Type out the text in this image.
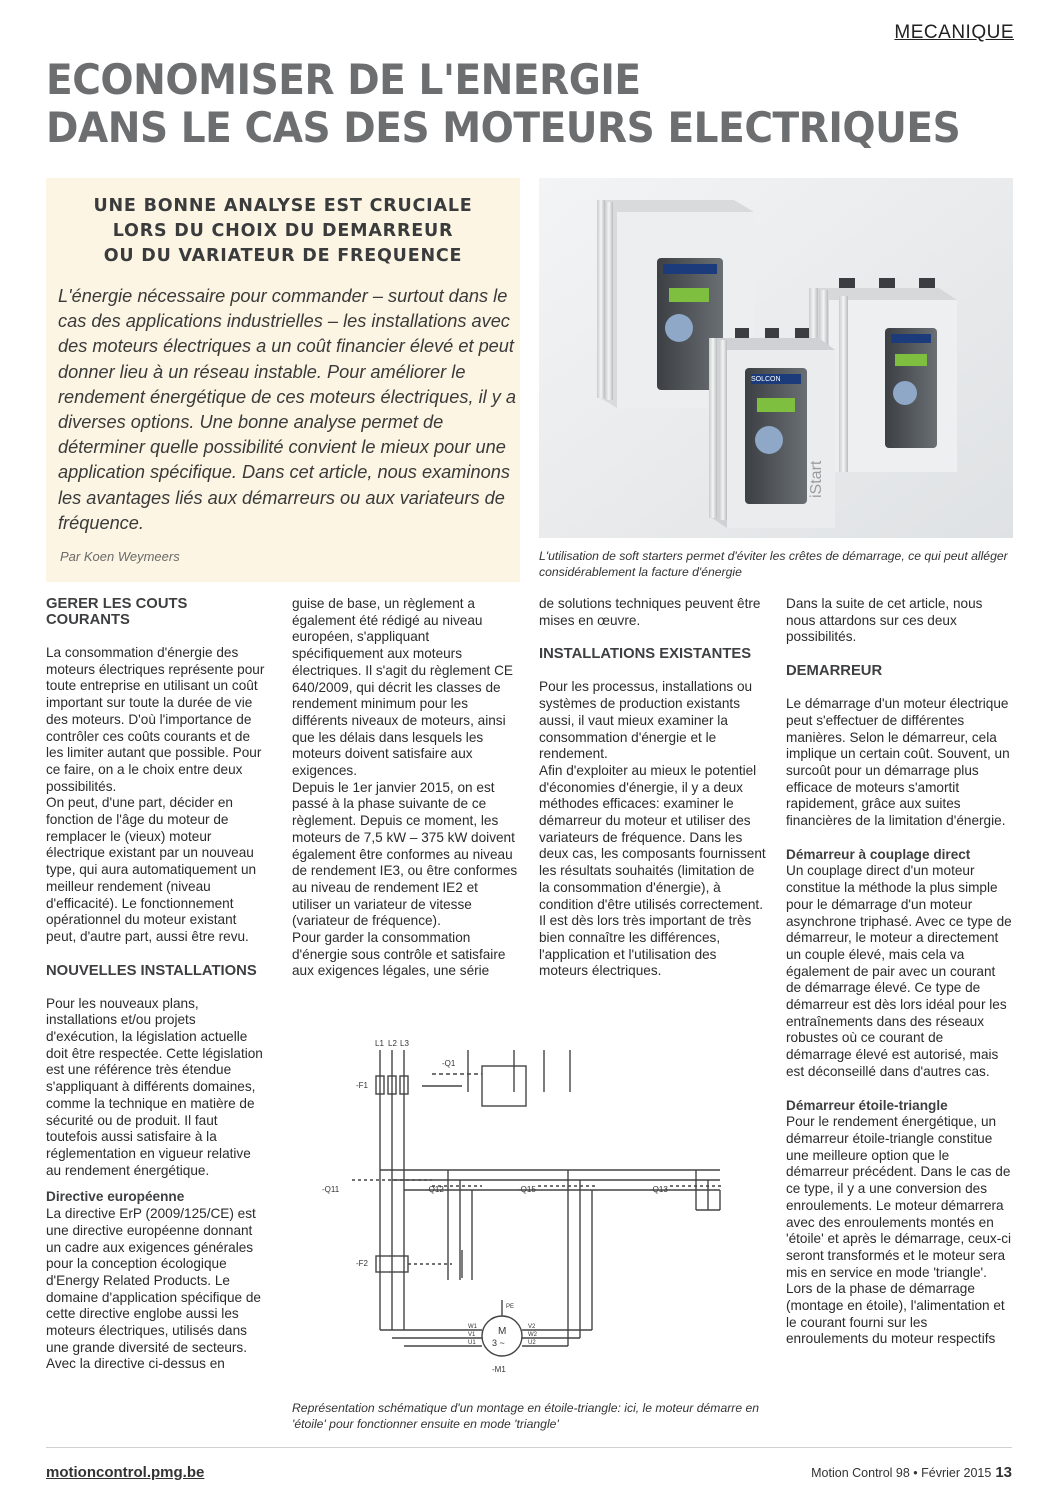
MECANIQUE
ECONOMISER DE L'ENERGIE
DANS LE CAS DES MOTEURS ELECTRIQUES
UNE BONNE ANALYSE EST CRUCIALE
LORS DU CHOIX DU DEMARREUR
OU DU VARIATEUR DE FREQUENCE
L'énergie nécessaire pour commander – surtout dans le cas des applications industrielles – les installations avec des moteurs électriques a un coût financier élevé et peut donner lieu à un réseau instable. Pour améliorer le rendement énergétique de ces moteurs électriques, il y a diverses options. Une bonne analyse permet de déterminer quelle possibilité convient le mieux pour une application spécifique. Dans cet article, nous examinons les avantages liés aux démarreurs ou aux variateurs de fréquence.
Par Koen Weymeers
SOLCON
iStart
L'utilisation de soft starters permet d'éviter les crêtes de démarrage, ce qui peut alléger considérablement la facture d'énergie
GERER LES COUTS COURANTS

La consommation d'énergie des moteurs électriques représente pour toute entreprise en utilisant un coût important sur toute la durée de vie des moteurs. D'où l'importance de contrôler ces coûts courants et de les limiter autant que possible. Pour ce faire, on a le choix entre deux possibilités.

On peut, d'une part, décider en fonction de l'âge du moteur de remplacer le (vieux) moteur électrique existant par un nouveau type, qui aura automatiquement un meilleur rendement (niveau d'efficacité). Le fonctionnement opérationnel du moteur existant peut, d'autre part, aussi être revu.

NOUVELLES INSTALLATIONS

Pour les nouveaux plans, installations et/ou projets d'exécution, la législation actuelle doit être respectée. Cette législation est une référence très étendue s'appliquant à différents domaines, comme la technique en matière de sécurité ou de produit. Il faut toutefois aussi satisfaire à la réglementation en vigueur relative au rendement énergétique.

Directive européenne

La directive ErP (2009/125/CE) est une directive européenne donnant un cadre aux exigences générales pour la conception écologique d'Energy Related Products. Le domaine d'application spécifique de cette directive englobe aussi les moteurs électriques, utilisés dans une grande diversité de secteurs. Avec la directive ci-dessus en

guise de base, un règlement a également été rédigé au niveau européen, s'appliquant spécifiquement aux moteurs électriques. Il s'agit du règlement CE 640/2009, qui décrit les classes de rendement minimum pour les différents niveaux de moteurs, ainsi que les délais dans lesquels les moteurs doivent satisfaire aux exigences.

Depuis le 1er janvier 2015, on est passé à la phase suivante de ce règlement. Depuis ce moment, les moteurs de 7,5 kW – 375 kW doivent également être conformes au niveau de rendement IE3, ou être conformes au niveau de rendement IE2 et utiliser un variateur de vitesse (variateur de fréquence).

Pour garder la consommation d'énergie sous contrôle et satisfaire aux exigences légales, une série

de solutions techniques peuvent être mises en œuvre.

INSTALLATIONS EXISTANTES

Pour les processus, installations ou systèmes de production existants aussi, il vaut mieux examiner la consommation d'énergie et le rendement.

Afin d'exploiter au mieux le potentiel d'économies d'énergie, il y a deux méthodes efficaces: examiner le démarreur du moteur et utiliser des variateurs de fréquence. Dans les deux cas, les composants fournissent les résultats souhaités (limitation de la consommation d'énergie), à condition d'être utilisés correctement. Il est dès lors très important de très bien connaître les différences, l'application et l'utilisation des moteurs électriques.

Dans la suite de cet article, nous nous attardons sur ces deux possibilités.

DEMARREUR

Le démarrage d'un moteur électrique peut s'effectuer de différentes manières. Selon le démarreur, cela implique un certain coût. Souvent, un surcoût pour un démarrage plus efficace de moteurs s'amortit rapidement, grâce aux suites financières de la limitation d'énergie.

Démarreur à couplage direct

Un couplage direct d'un moteur constitue la méthode la plus simple pour le démarrage d'un moteur asynchrone triphasé. Avec ce type de démarreur, le moteur a directement un couple élevé, mais cela va également de pair avec un courant de démarrage élevé. Ce type de démarreur est dès lors idéal pour les entraînements dans des réseaux robustes où ce courant de démarrage élevé est autorisé, mais est déconseillé dans d'autres cas.

Démarreur étoile-triangle

Pour le rendement énergétique, un démarreur étoile-triangle constitue une meilleure option que le démarreur précédent. Dans le cas de ce type, il y a une conversion des enroulements. Le moteur démarrera avec des enroulements montés en 'étoile' et après le démarrage, ceux-ci seront transformés et le moteur sera mis en service en mode 'triangle'.

Lors de la phase de démarrage (montage en étoile), l'alimentation et le courant fourni sur les enroulements du moteur respectifs

L1 L2 L3
-F1
-Q1
-Q11	-Q12	-Q15	-Q13
-F2
M
3 ~
PE
W1
V1
U1
V2
W2
U2
-M1
Représentation schématique d'un montage en étoile-triangle: ici, le moteur démarre en 'étoile' pour fonctionner ensuite en mode 'triangle'
motioncontrol.pmg.be	Motion Control 98 • Février 2015 13
